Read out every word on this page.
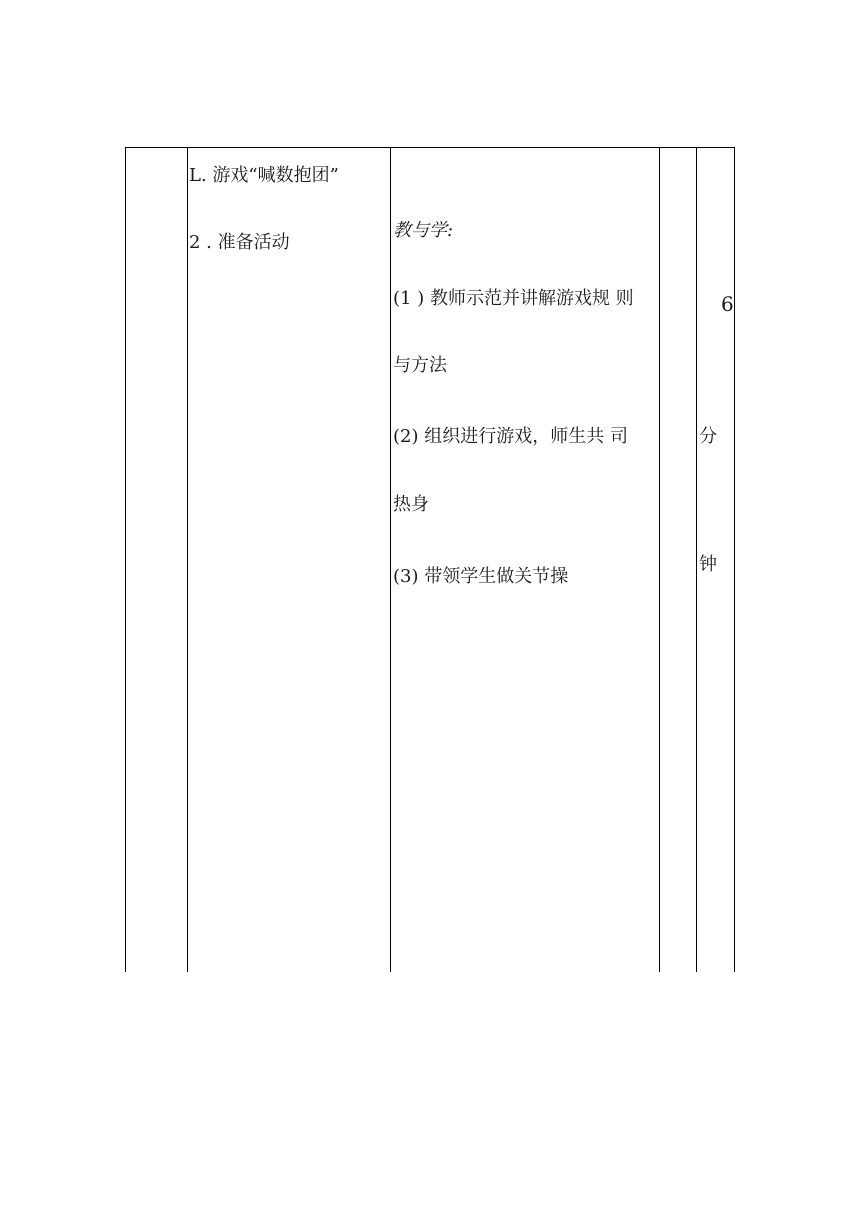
L. 游戏“喊数抱团”
2 . 准备活动
教与学:
(1 ) 教师示范并讲解游戏规 则
与方法
(2) 组织进行游戏，师生共 司
热身
(3) 带领学生做关节操
6
分
钟
